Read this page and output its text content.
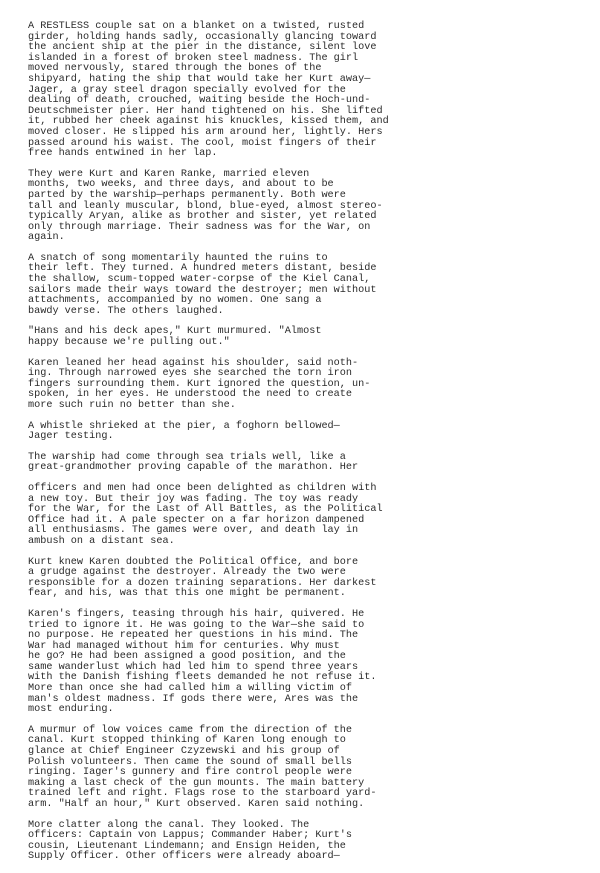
A RESTLESS couple sat on a blanket on a twisted, rusted
girder, holding hands sadly, occasionally glancing toward
the ancient ship at the pier in the distance, silent love
islanded in a forest of broken steel madness. The girl
moved nervously, stared through the bones of the
shipyard, hating the ship that would take her Kurt away—
Jager, a gray steel dragon specially evolved for the
dealing of death, crouched, waiting beside the Hoch-und-
Deutschmeister pier. Her hand tightened on his. She lifted
it, rubbed her cheek against his knuckles, kissed them, and
moved closer. He slipped his arm around her, lightly. Hers
passed around his waist. The cool, moist fingers of their
free hands entwined in her lap.
They were Kurt and Karen Ranke, married eleven
months, two weeks, and three days, and about to be
parted by the warship—perhaps permanently. Both were
tall and leanly muscular, blond, blue-eyed, almost stereo-
typically Aryan, alike as brother and sister, yet related
only through marriage. Their sadness was for the War, on
again.
A snatch of song momentarily haunted the ruins to
their left. They turned. A hundred meters distant, beside
the shallow, scum-topped water-corpse of the Kiel Canal,
sailors made their ways toward the destroyer; men without
attachments, accompanied by no women. One sang a
bawdy verse. The others laughed.
"Hans and his deck apes," Kurt murmured. "Almost
happy because we're pulling out."
Karen leaned her head against his shoulder, said noth-
ing. Through narrowed eyes she searched the torn iron
fingers surrounding them. Kurt ignored the question, un-
spoken, in her eyes. He understood the need to create
more such ruin no better than she.
A whistle shrieked at the pier, a foghorn bellowed—
Jager testing.
The warship had come through sea trials well, like a
great-grandmother proving capable of the marathon. Her
officers and men had once been delighted as children with
a new toy. But their joy was fading. The toy was ready
for the War, for the Last of All Battles, as the Political
Office had it. A pale specter on a far horizon dampened
all enthusiasms. The games were over, and death lay in
ambush on a distant sea.
Kurt knew Karen doubted the Political Office, and bore
a grudge against the destroyer. Already the two were
responsible for a dozen training separations. Her darkest
fear, and his, was that this one might be permanent.
Karen's fingers, teasing through his hair, quivered. He
tried to ignore it. He was going to the War—she said to
no purpose. He repeated her questions in his mind. The
War had managed without him for centuries. Why must
he go? He had been assigned a good position, and the
same wanderlust which had led him to spend three years
with the Danish fishing fleets demanded he not refuse it.
More than once she had called him a willing victim of
man's oldest madness. If gods there were, Ares was the
most enduring.
A murmur of low voices came from the direction of the
canal. Kurt stopped thinking of Karen long enough to
glance at Chief Engineer Czyzewski and his group of
Polish volunteers. Then came the sound of small bells
ringing. Iager's gunnery and fire control people were
making a last check of the gun mounts. The main battery
trained left and right. Flags rose to the starboard yard-
arm. "Half an hour," Kurt observed. Karen said nothing.
More clatter along the canal. They looked. The
officers: Captain von Lappus; Commander Haber; Kurt's
cousin, Lieutenant Lindemann; and Ensign Heiden, the
Supply Officer. Other officers were already aboard—
